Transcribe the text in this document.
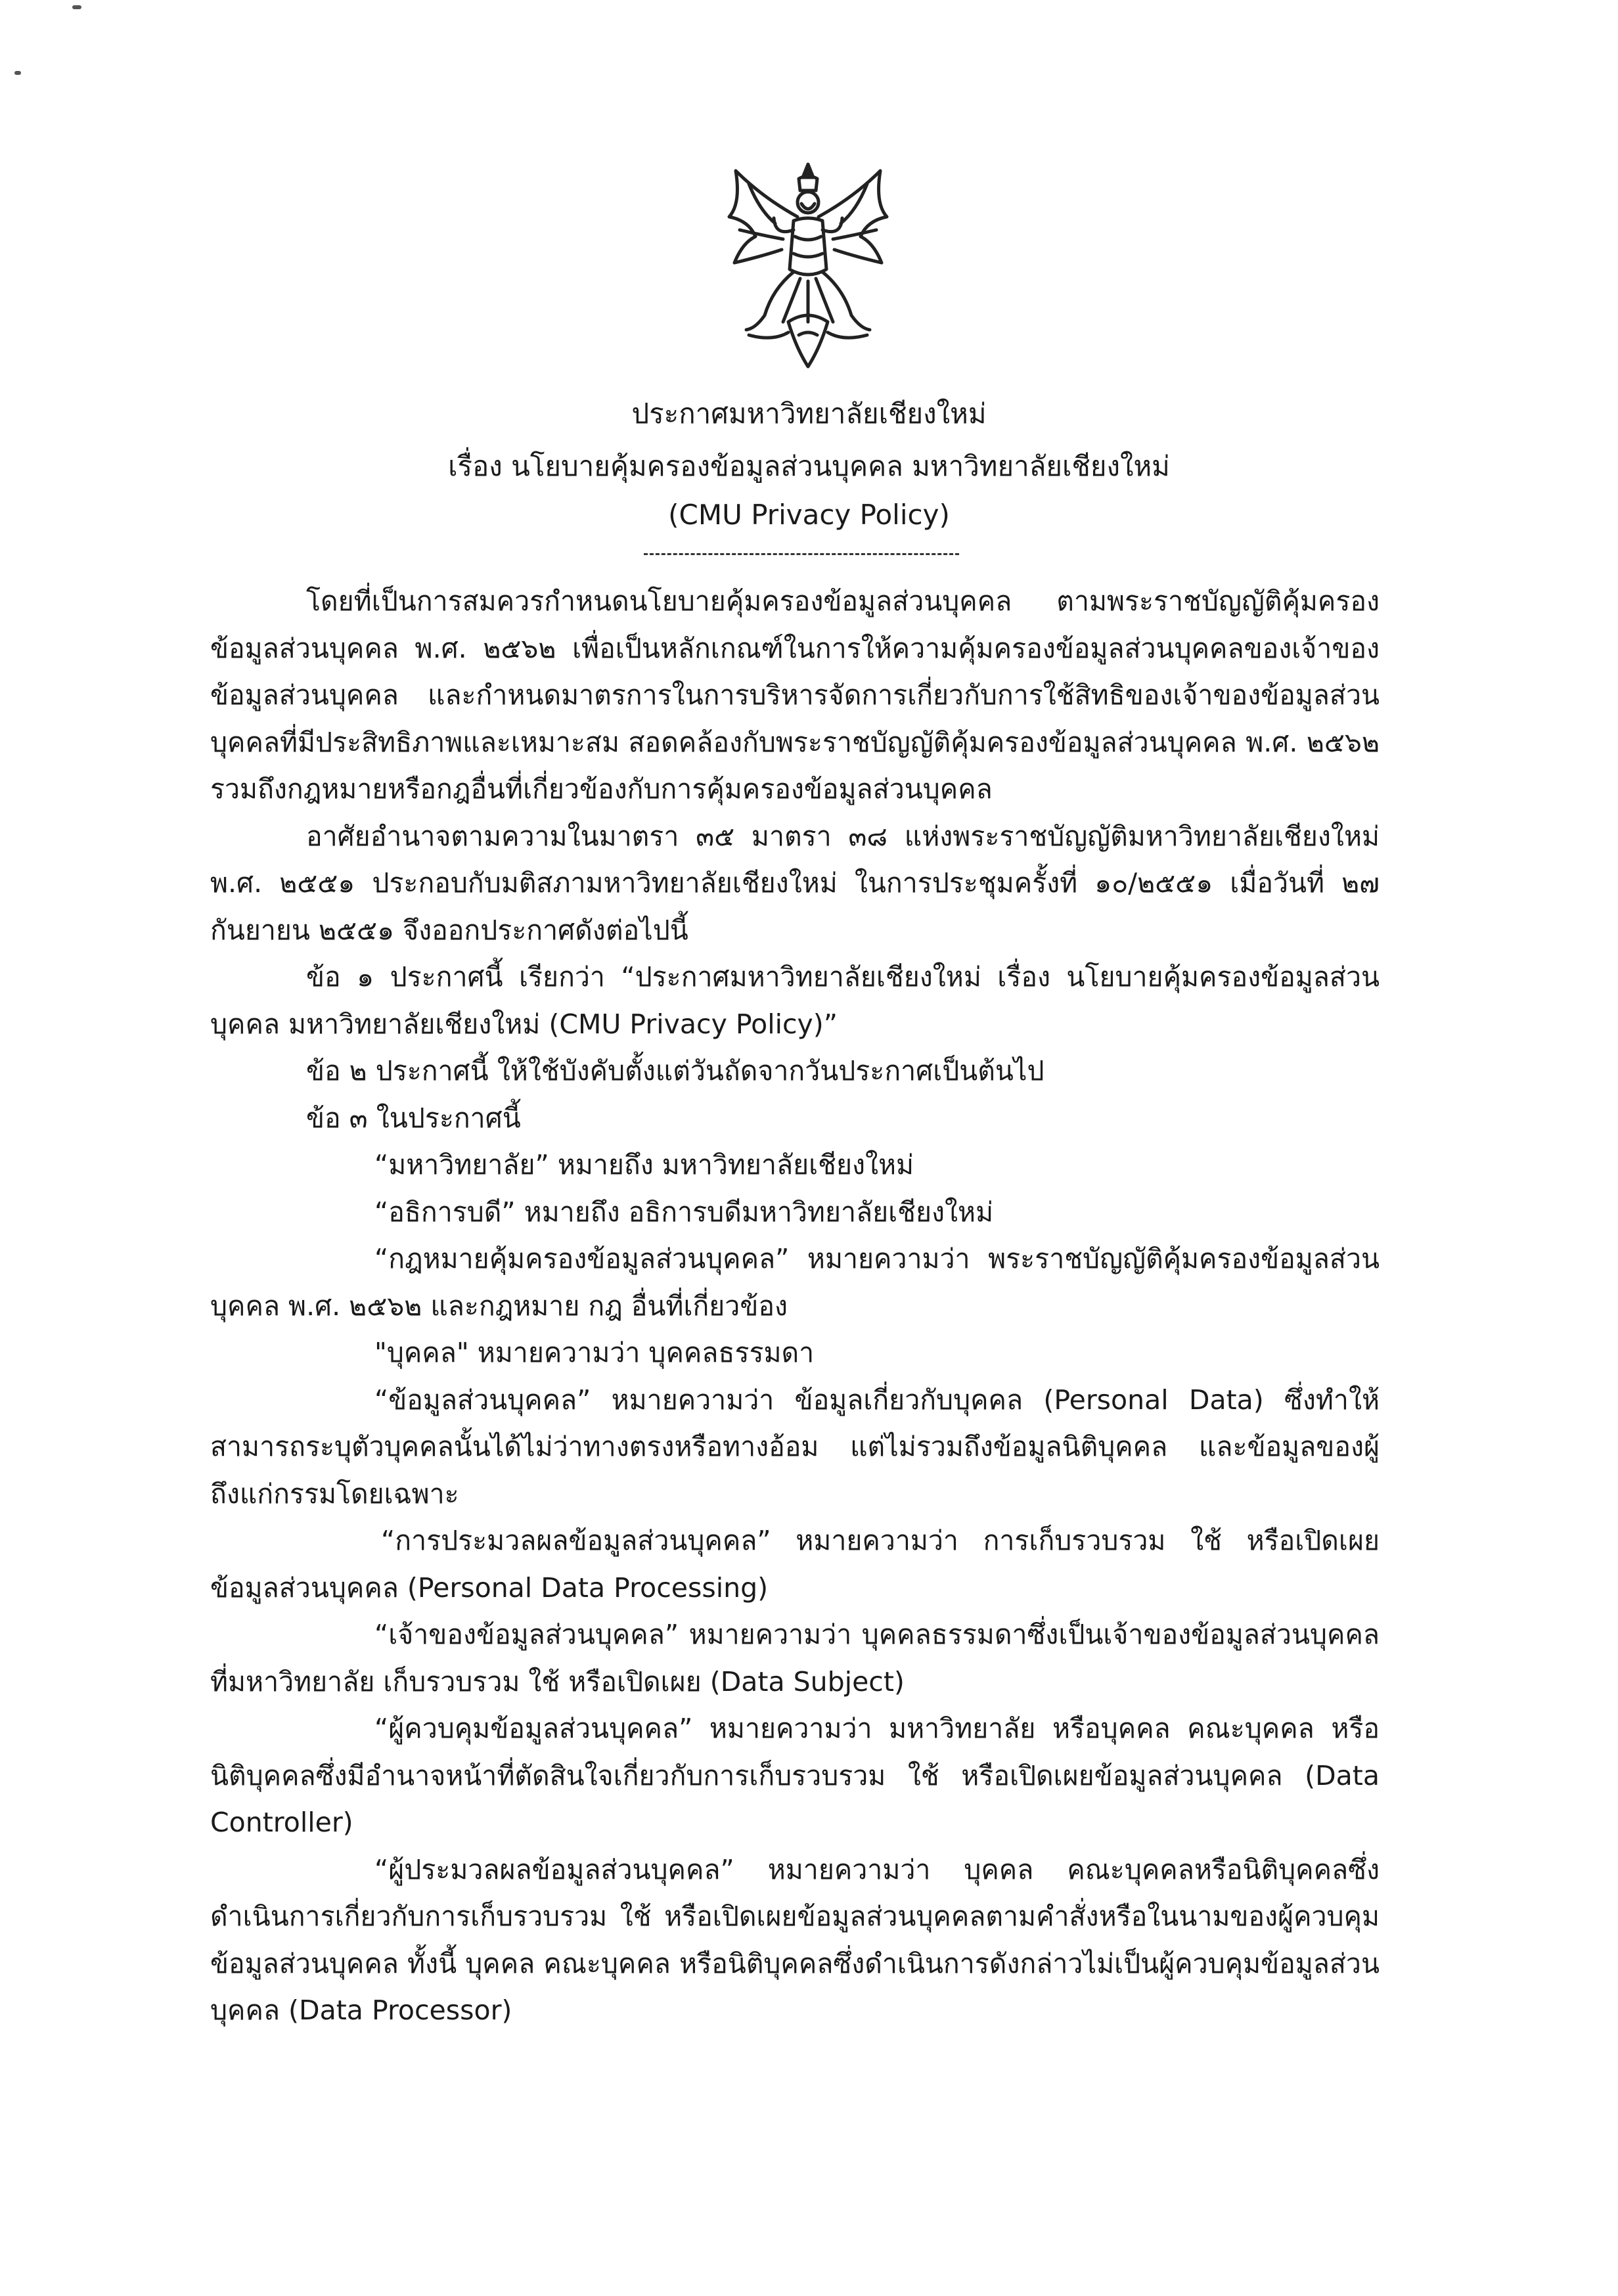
ประกาศมหาวิทยาลัยเชียงใหม่
เรื่อง นโยบายคุ้มครองข้อมูลส่วนบุคคล มหาวิทยาลัยเชียงใหม่
(CMU Privacy Policy)

โดยที่เป็นการสมควรกำหนดนโยบายคุ้มครองข้อมูลส่วนบุคคล ตามพระราชบัญญัติคุ้มครองข้อมูลส่วนบุคคล พ.ศ. ๒๕๖๒ เพื่อเป็นหลักเกณฑ์ในการให้ความคุ้มครองข้อมูลส่วนบุคคลของเจ้าของข้อมูลส่วนบุคคล และกำหนดมาตรการในการบริหารจัดการเกี่ยวกับการใช้สิทธิของเจ้าของข้อมูลส่วนบุคคลที่มีประสิทธิภาพและเหมาะสม สอดคล้องกับพระราชบัญญัติคุ้มครองข้อมูลส่วนบุคคล พ.ศ. ๒๕๖๒ รวมถึงกฎหมายหรือกฎอื่นที่เกี่ยวข้องกับการคุ้มครองข้อมูลส่วนบุคคล

อาศัยอำนาจตามความในมาตรา ๓๕ มาตรา ๓๘ แห่งพระราชบัญญัติมหาวิทยาลัยเชียงใหม่ พ.ศ. ๒๕๕๑ ประกอบกับมติสภามหาวิทยาลัยเชียงใหม่ ในการประชุมครั้งที่ ๑๐/๒๕๕๑ เมื่อวันที่ ๒๗ กันยายน ๒๕๕๑ จึงออกประกาศดังต่อไปนี้

ข้อ ๑ ประกาศนี้ เรียกว่า “ประกาศมหาวิทยาลัยเชียงใหม่ เรื่อง นโยบายคุ้มครองข้อมูลส่วนบุคคล มหาวิทยาลัยเชียงใหม่ (CMU Privacy Policy)”

ข้อ ๒ ประกาศนี้ ให้ใช้บังคับตั้งแต่วันถัดจากวันประกาศเป็นต้นไป

ข้อ ๓ ในประกาศนี้

“มหาวิทยาลัย” หมายถึง มหาวิทยาลัยเชียงใหม่

“อธิการบดี” หมายถึง อธิการบดีมหาวิทยาลัยเชียงใหม่

“กฎหมายคุ้มครองข้อมูลส่วนบุคคล” หมายความว่า พระราชบัญญัติคุ้มครองข้อมูลส่วนบุคคล พ.ศ. ๒๕๖๒ และกฎหมาย กฎ อื่นที่เกี่ยวข้อง

"บุคคล" หมายความว่า บุคคลธรรมดา

“ข้อมูลส่วนบุคคล” หมายความว่า ข้อมูลเกี่ยวกับบุคคล (Personal Data) ซึ่งทำให้สามารถระบุตัวบุคคลนั้นได้ไม่ว่าทางตรงหรือทางอ้อม แต่ไม่รวมถึงข้อมูลนิติบุคคล และข้อมูลของผู้ถึงแก่กรรมโดยเฉพาะ

“การประมวลผลข้อมูลส่วนบุคคล” หมายความว่า การเก็บรวบรวม ใช้ หรือเปิดเผยข้อมูลส่วนบุคคล (Personal Data Processing)

“เจ้าของข้อมูลส่วนบุคคล” หมายความว่า บุคคลธรรมดาซึ่งเป็นเจ้าของข้อมูลส่วนบุคคลที่มหาวิทยาลัย เก็บรวบรวม ใช้ หรือเปิดเผย (Data Subject)

“ผู้ควบคุมข้อมูลส่วนบุคคล” หมายความว่า มหาวิทยาลัย หรือบุคคล คณะบุคคล หรือนิติบุคคลซึ่งมีอำนาจหน้าที่ตัดสินใจเกี่ยวกับการเก็บรวบรวม ใช้ หรือเปิดเผยข้อมูลส่วนบุคคล (Data Controller)

“ผู้ประมวลผลข้อมูลส่วนบุคคล” หมายความว่า บุคคล คณะบุคคลหรือนิติบุคคลซึ่งดำเนินการเกี่ยวกับการเก็บรวบรวม ใช้ หรือเปิดเผยข้อมูลส่วนบุคคลตามคำสั่งหรือในนามของผู้ควบคุมข้อมูลส่วนบุคคล ทั้งนี้ บุคคล คณะบุคคล หรือนิติบุคคลซึ่งดำเนินการดังกล่าวไม่เป็นผู้ควบคุมข้อมูลส่วนบุคคล (Data Processor)
